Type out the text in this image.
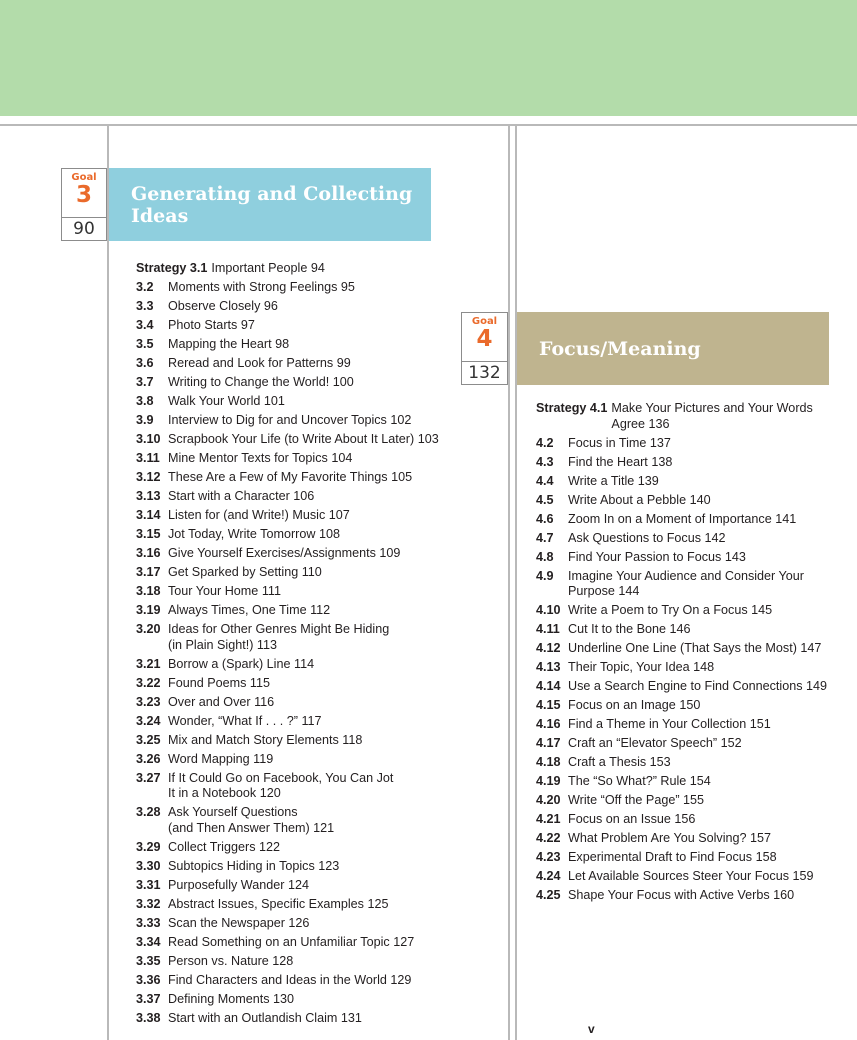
Goal
3
90
Generating and Collecting Ideas
Strategy 3.1 Important People 94
3.2	Moments with Strong Feelings 95
3.3	Observe Closely 96
3.4	Photo Starts 97
3.5	Mapping the Heart 98
3.6	Reread and Look for Patterns 99
3.7	Writing to Change the World! 100
3.8	Walk Your World 101
3.9	Interview to Dig for and Uncover Topics 102
3.10 Scrapbook Your Life (to Write About It Later) 103
3.11 Mine Mentor Texts for Topics 104
3.12 These Are a Few of My Favorite Things 105
3.13 Start with a Character 106
3.14 Listen for (and Write!) Music 107
3.15 Jot Today, Write Tomorrow 108
3.16 Give Yourself Exercises/Assignments 109
3.17 Get Sparked by Setting 110
3.18 Tour Your Home 111
3.19 Always Times, One Time 112
3.20 Ideas for Other Genres Might Be Hiding
(in Plain Sight!) 113
3.21 Borrow a (Spark) Line 114
3.22 Found Poems 115
3.23 Over and Over 116
3.24 Wonder, “What If . . . ?” 117
3.25 Mix and Match Story Elements 118
3.26 Word Mapping 119
3.27 If It Could Go on Facebook, You Can Jot
It in a Notebook 120
3.28 Ask Yourself Questions
(and Then Answer Them) 121
3.29 Collect Triggers 122
3.30 Subtopics Hiding in Topics 123
3.31 Purposefully Wander 124
3.32 Abstract Issues, Specific Examples 125
3.33 Scan the Newspaper 126
3.34 Read Something on an Unfamiliar Topic 127
3.35 Person vs. Nature 128
3.36 Find Characters and Ideas in the World 129
3.37 Defining Moments 130
3.38 Start with an Outlandish Claim 131
Goal
4
132
Focus/Meaning
Strategy 4.1 Make Your Pictures and Your Words
Agree 136
4.2	Focus in Time 137
4.3	Find the Heart 138
4.4	Write a Title 139
4.5	Write About a Pebble 140
4.6	Zoom In on a Moment of Importance 141
4.7	Ask Questions to Focus 142
4.8	Find Your Passion to Focus 143
4.9	Imagine Your Audience and Consider Your
Purpose 144
4.10 Write a Poem to Try On a Focus 145
4.11 Cut It to the Bone 146
4.12 Underline One Line (That Says the Most) 147
4.13 Their Topic, Your Idea 148
4.14 Use a Search Engine to Find Connections 149
4.15 Focus on an Image 150
4.16 Find a Theme in Your Collection 151
4.17 Craft an “Elevator Speech” 152
4.18 Craft a Thesis 153
4.19 The “So What?” Rule 154
4.20 Write “Off the Page” 155
4.21 Focus on an Issue 156
4.22 What Problem Are You Solving? 157
4.23 Experimental Draft to Find Focus 158
4.24 Let Available Sources Steer Your Focus 159
4.25 Shape Your Focus with Active Verbs 160
v
